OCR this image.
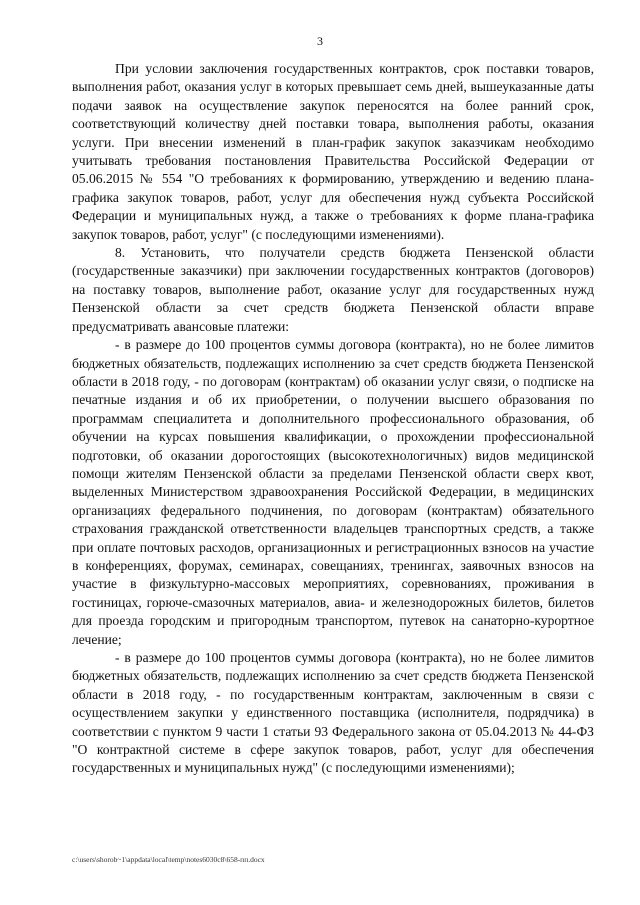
3

При условии заключения государственных контрактов, срок поставки товаров, выполнения работ, оказания услуг в которых превышает семь дней, вышеуказанные даты подачи заявок на осуществление закупок переносятся на более ранний срок, соответствующий количеству дней поставки товара, выполнения работы, оказания услуги. При внесении изменений в план-график закупок заказчикам необходимо учитывать требования постановления Правительства Российской Федерации от 05.06.2015 № 554 "О требованиях к формированию, утверждению и ведению плана-графика закупок товаров, работ, услуг для обеспечения нужд субъекта Российской Федерации и муниципальных нужд, а также о требованиях к форме плана-графика закупок товаров, работ, услуг" (с последующими изменениями).

8. Установить, что получатели средств бюджета Пензенской области (государственные заказчики) при заключении государственных контрактов (договоров) на поставку товаров, выполнение работ, оказание услуг для государственных нужд Пензенской области за счет средств бюджета Пензенской области вправе предусматривать авансовые платежи:

- в размере до 100 процентов суммы договора (контракта), но не более лимитов бюджетных обязательств, подлежащих исполнению за счет средств бюджета Пензенской области в 2018 году, - по договорам (контрактам) об оказании услуг связи, о подписке на печатные издания и об их приобретении, о получении высшего образования по программам специалитета и дополнительного профессионального образования, об обучении на курсах повышения квалификации, о прохождении профессиональной подготовки, об оказании дорогостоящих (высокотехнологичных) видов медицинской помощи жителям Пензенской области за пределами Пензенской области сверх квот, выделенных Министерством здравоохранения Российской Федерации, в медицинских организациях федерального подчинения, по договорам (контрактам) обязательного страхования гражданской ответственности владельцев транспортных средств, а также при оплате почтовых расходов, организационных и регистрационных взносов на участие в конференциях, форумах, семинарах, совещаниях, тренингах, заявочных взносов на участие в физкультурно-массовых мероприятиях, соревнованиях, проживания в гостиницах, горюче-смазочных материалов, авиа- и железнодорожных билетов, билетов для проезда городским и пригородным транспортом, путевок на санаторно-курортное лечение;

- в размере до 100 процентов суммы договора (контракта), но не более лимитов бюджетных обязательств, подлежащих исполнению за счет средств бюджета Пензенской области в 2018 году, - по государственным контрактам, заключенным в связи с осуществлением закупки у единственного поставщика (исполнителя, подрядчика) в соответствии с пунктом 9 части 1 статьи 93 Федерального закона от 05.04.2013 № 44-ФЗ "О контрактной системе в сфере закупок товаров, работ, услуг для обеспечения государственных и муниципальных нужд" (с последующими изменениями);

c:\users\shorob~1\appdata\local\temp\notes6030c8\658-пп.docx
